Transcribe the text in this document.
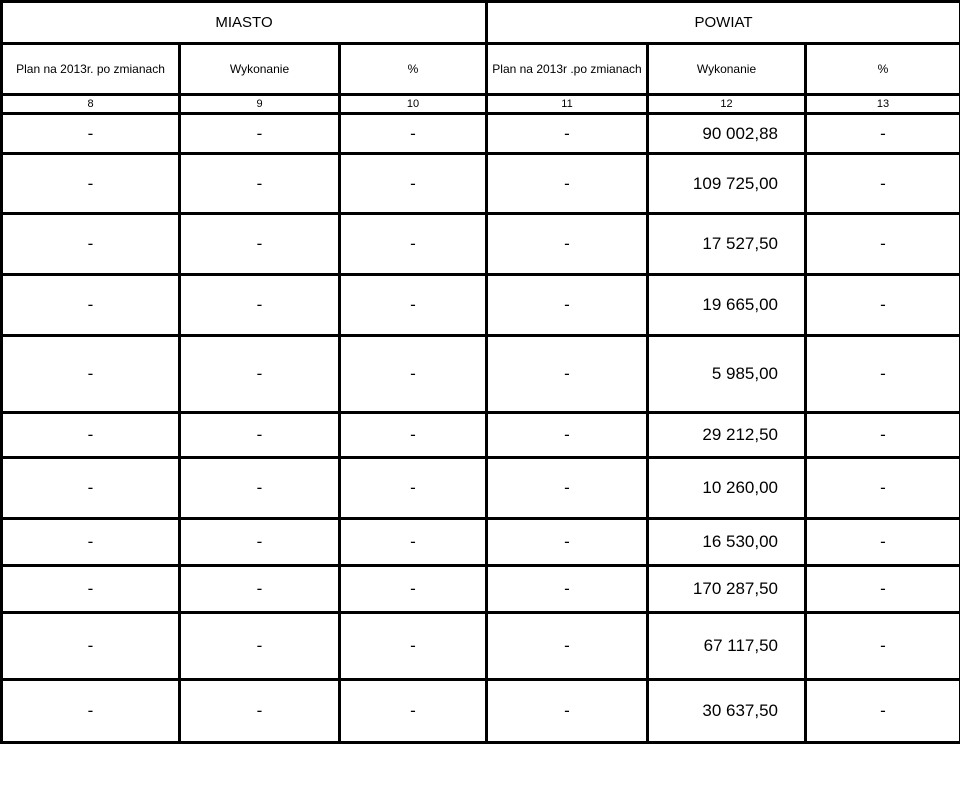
MIASTO			POWIAT		
Plan na 2013r. po zmianach	Wykonanie	%	Plan na 2013r .po zmianach	Wykonanie	%
8	9	10	11	12	13
-	-	-	-	90 002,88	-
-	-	-	-	109 725,00	-
-	-	-	-	17 527,50	-
-	-	-	-	19 665,00	-
-	-	-	-	5 985,00	-
-	-	-	-	29 212,50	-
-	-	-	-	10 260,00	-
-	-	-	-	16 530,00	-
-	-	-	-	170 287,50	-
-	-	-	-	67 117,50	-
-	-	-	-	30 637,50	-
